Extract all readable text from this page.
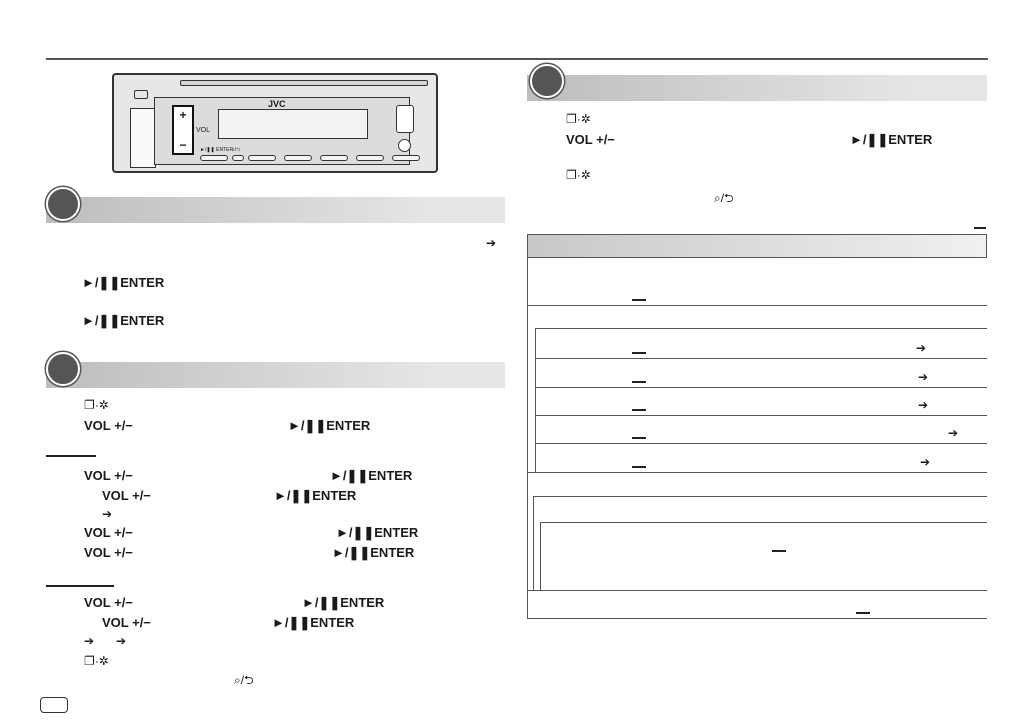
+
−
VOL
JVC
►/❚❚ ENTER
⌕/⮌
➔
►/❚❚ENTER
►/❚❚ENTER
❐·✲
VOL +/−	►/❚❚ENTER
VOL +/−	►/❚❚ENTER
VOL +/−	►/❚❚ENTER
➔
VOL +/−	►/❚❚ENTER
VOL +/−	►/❚❚ENTER
VOL +/−	►/❚❚ENTER
VOL +/−	►/❚❚ENTER
➔ ➔
❐·✲
⌕/⮌
❐·✲
VOL +/−	►/❚❚ENTER
❐·✲
⌕/⮌
➔
➔
➔
➔
➔
